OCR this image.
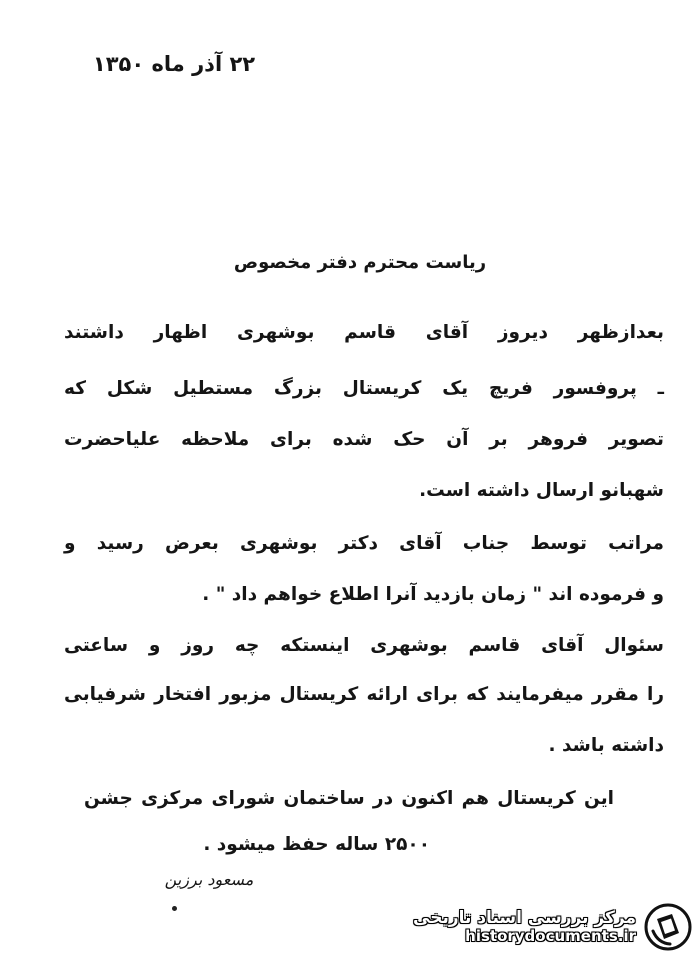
۲۲ آذر ماه ۱۳۵۰
ریاست محترم دفتر مخصوص
بعدازظهر دیروز آقای قاسم بوشهری اظهار داشتند
ـ پروفسور فریچ یک کریستال بزرگ مستطیل شکل که
تصویر فروهر بر آن حک شده برای ملاحظه علیاحضرت
شهبانو ارسال داشته است.
مراتب توسط جناب آقای دکتر بوشهری بعرض رسید و
و فرموده اند " زمان بازدید آنرا اطلاع خواهم داد " .
سئوال آقای قاسم بوشهری اینستکه چه روز و ساعتی
را مقرر میفرمایند که برای ارائه کریستال مزبور افتخار شرفیابی
داشته باشد .
این کریستال هم اکنون در ساختمان شورای مرکزی جشن
۲۵۰۰ ساله حفظ میشود .
مسعود برزین
مرکز بررسی اسناد تاریخی
historydocuments.ir
